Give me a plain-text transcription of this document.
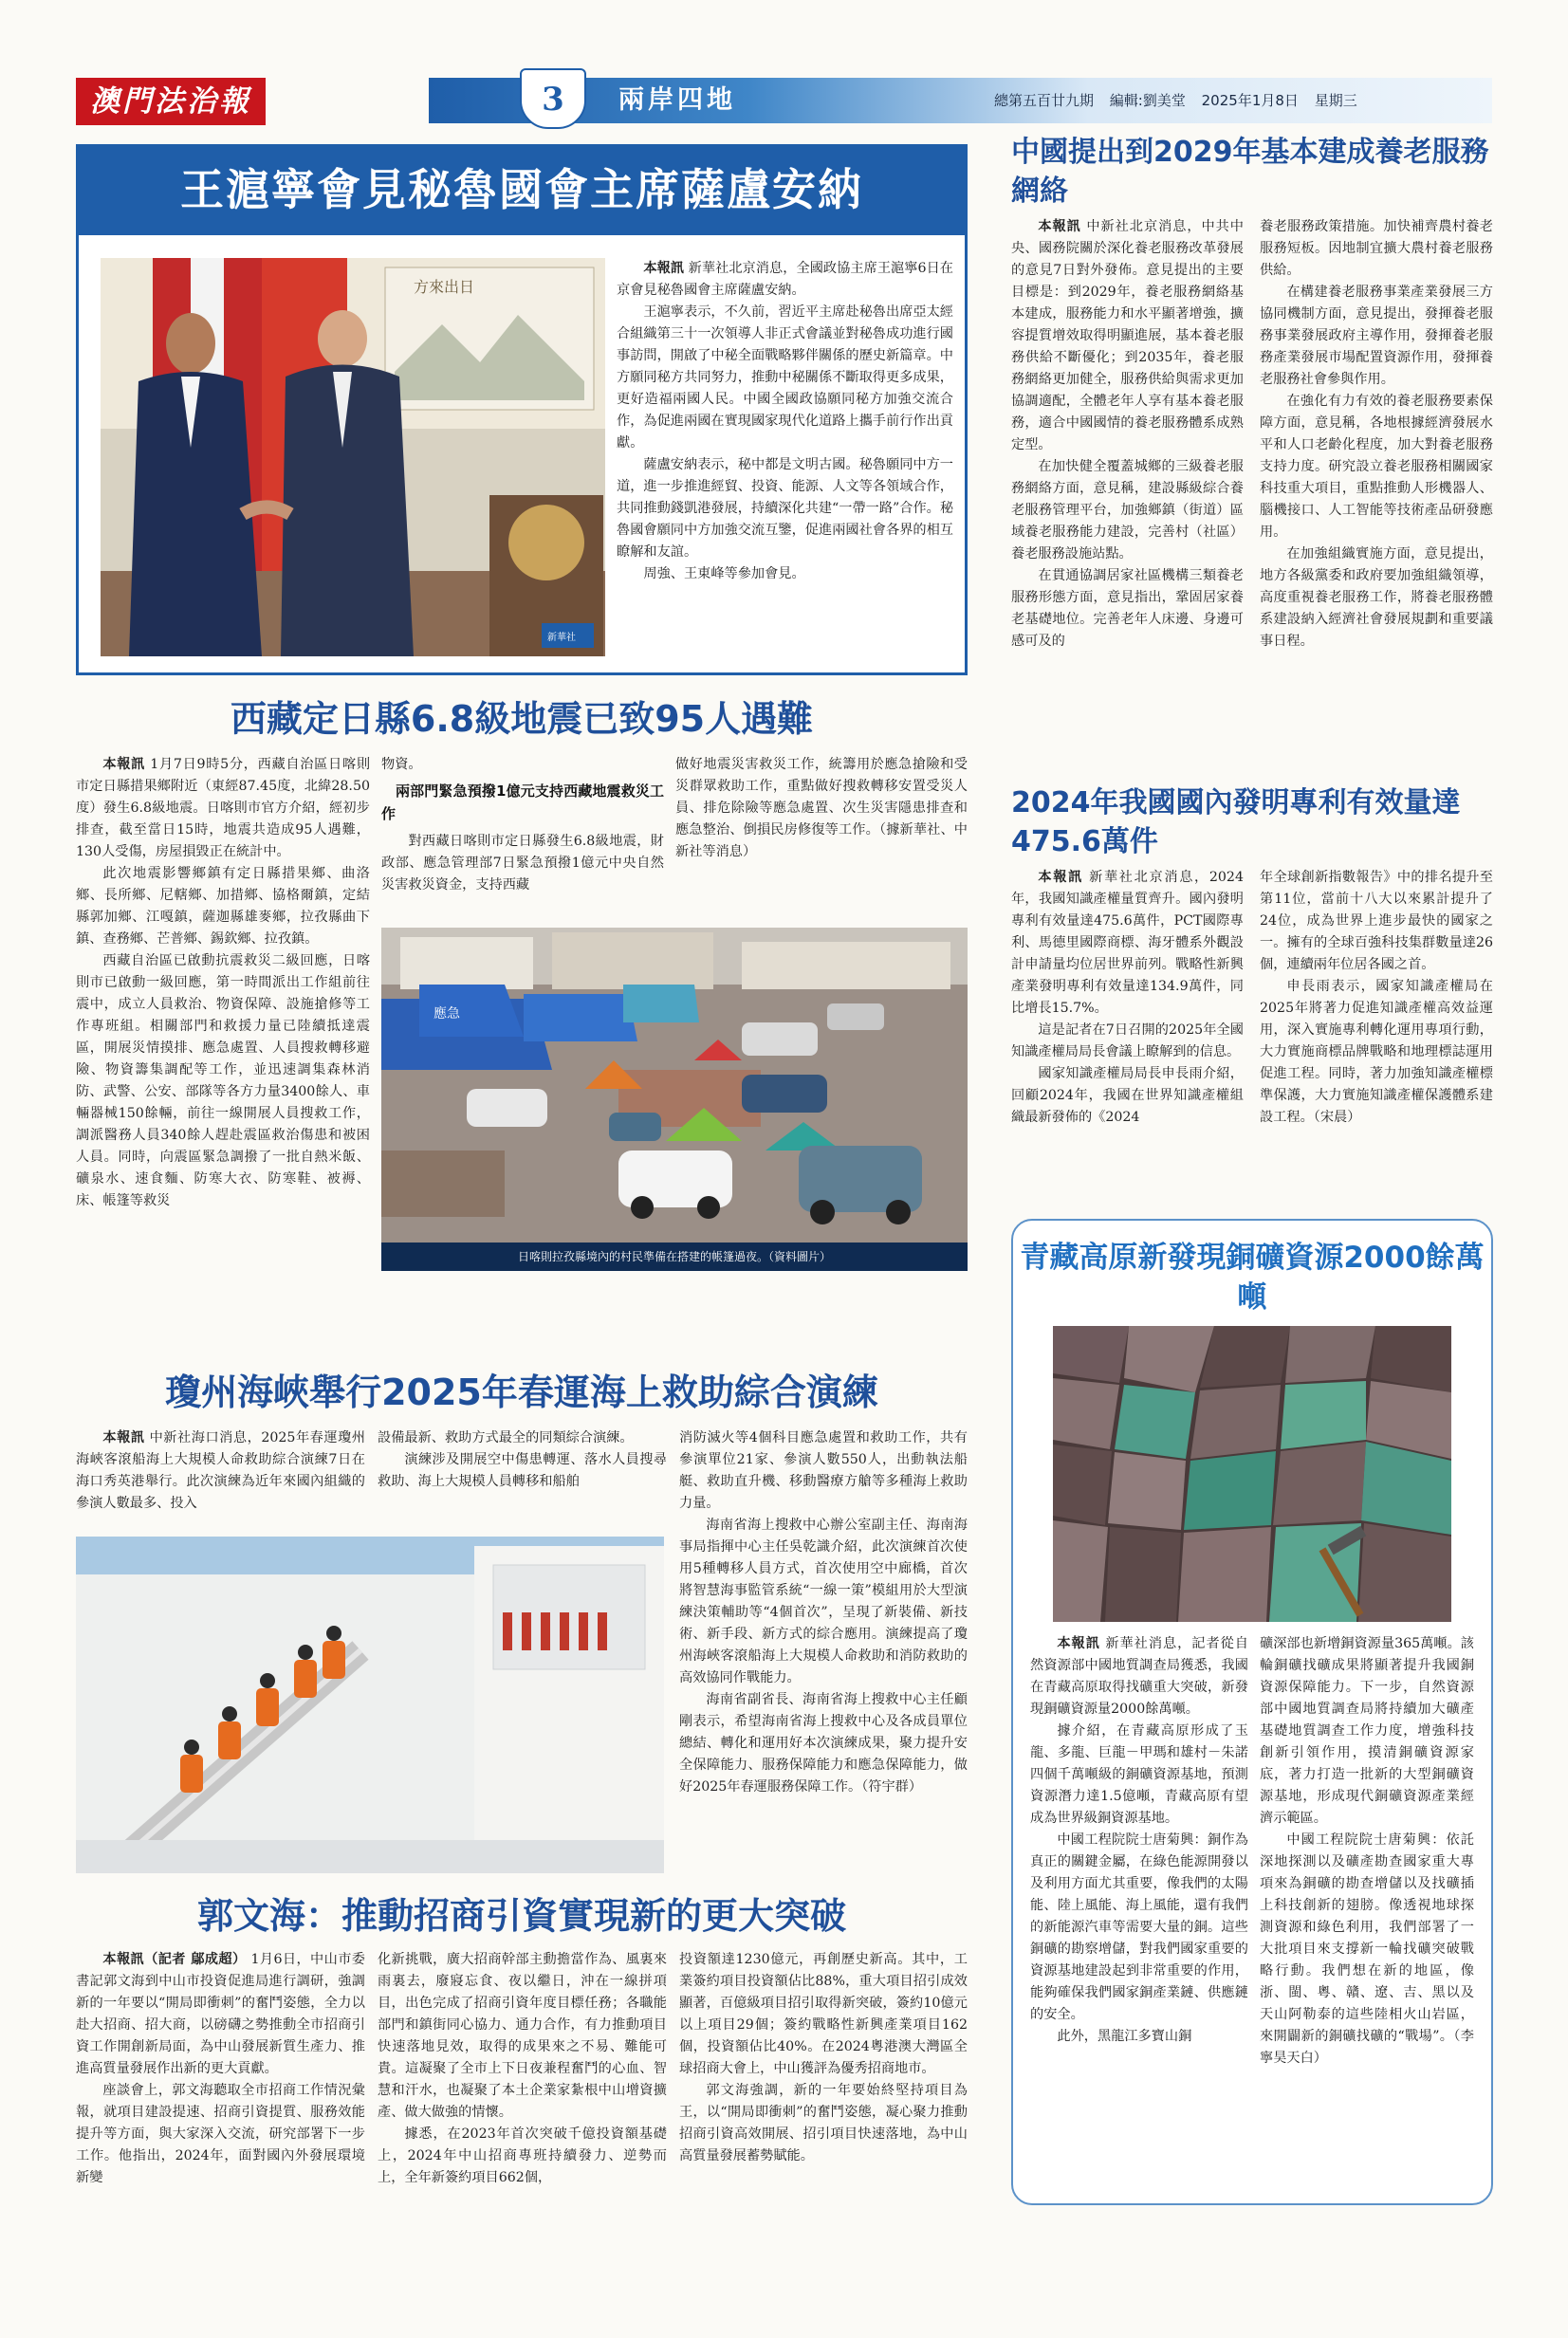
澳門法治報	3	兩岸四地	總第五百廿九期 編輯:劉美堂 2025年1月8日 星期三
王滬寧會見秘魯國會主席薩盧安納
方來出日
新華社

本報訊 新華社北京消息，全國政協主席王滬寧6日在京會見秘魯國會主席薩盧安納。

王滬寧表示，不久前，習近平主席赴秘魯出席亞太經合組織第三十一次領導人非正式會議並對秘魯成功進行國事訪問，開啟了中秘全面戰略夥伴關係的歷史新篇章。中方願同秘方共同努力，推動中秘關係不斷取得更多成果，更好造福兩國人民。中國全國政協願同秘方加強交流合作，為促進兩國在實現國家現代化道路上攜手前行作出貢獻。

薩盧安納表示，秘中都是文明古國。秘魯願同中方一道，進一步推進經貿、投資、能源、人文等各領域合作，共同推動錢凱港發展，持續深化共建“一帶一路”合作。秘魯國會願同中方加強交流互鑒，促進兩國社會各界的相互瞭解和友誼。

周強、王東峰等參加會見。

西藏定日縣6.8級地震已致95人遇難

本報訊 1月7日9時5分，西藏自治區日喀則市定日縣措果鄉附近（東經87.45度，北緯28.50度）發生6.8級地震。日喀則市官方介紹，經初步排查，截至當日15時，地震共造成95人遇難，130人受傷，房屋損毀正在統計中。

此次地震影響鄉鎮有定日縣措果鄉、曲洛鄉、長所鄉、尼轄鄉、加措鄉、協格爾鎮，定結縣郭加鄉、江嘎鎮，薩迦縣雄麥鄉，拉孜縣曲下鎮、查務鄉、芒普鄉、錫欽鄉、拉孜鎮。

西藏自治區已啟動抗震救災二級回應，日喀則市已啟動一級回應，第一時間派出工作組前往震中，成立人員救治、物資保障、設施搶修等工作專班組。相關部門和救援力量已陸續抵達震區，開展災情摸排、應急處置、人員搜救轉移避險、物資籌集調配等工作，並迅速調集森林消防、武警、公安、部隊等各方力量3400餘人、車輛器械150餘輛，前往一線開展人員搜救工作，調派醫務人員340餘人趕赴震區救治傷患和被困人員。同時，向震區緊急調撥了一批自熱米飯、礦泉水、速食麵、防寒大衣、防寒鞋、被褥、床、帳篷等救災

物資。

兩部門緊急預撥1億元支持西藏地震救災工作

對西藏日喀則市定日縣發生6.8級地震，財政部、應急管理部7日緊急預撥1億元中央自然災害救災資金，支持西藏

做好地震災害救災工作，統籌用於應急搶險和受災群眾救助工作，重點做好搜救轉移安置受災人員、排危除險等應急處置、次生災害隱患排查和應急整治、倒損民房修復等工作。（據新華社、中新社等消息）

應急
日喀則拉孜縣境內的村民準備在搭建的帳篷過夜。（資料圖片）
瓊州海峽舉行2025年春運海上救助綜合演練

本報訊 中新社海口消息，2025年春運瓊州海峽客滾船海上大規模人命救助綜合演練7日在海口秀英港舉行。此次演練為近年來國內組織的參演人數最多、投入

設備最新、救助方式最全的同類綜合演練。

演練涉及開展空中傷患轉運、落水人員搜尋救助、海上大規模人員轉移和船舶

消防滅火等4個科目應急處置和救助工作，共有參演單位21家、參演人數550人，出動執法船艇、救助直升機、移動醫療方艙等多種海上救助力量。

海南省海上搜救中心辦公室副主任、海南海事局指揮中心主任吳乾識介紹，此次演練首次使用5種轉移人員方式，首次使用空中廊橋，首次將智慧海事監管系統“一線一策”模組用於大型演練決策輔助等“4個首次”，呈現了新裝備、新技術、新手段、新方式的綜合應用。演練提高了瓊州海峽客滾船海上大規模人命救助和消防救助的高效協同作戰能力。

海南省副省長、海南省海上搜救中心主任顧剛表示，希望海南省海上搜救中心及各成員單位總結、轉化和運用好本次演練成果，聚力提升安全保障能力、服務保障能力和應急保障能力，做好2025年春運服務保障工作。（符宇群）

郭文海：推動招商引資實現新的更大突破

本報訊（記者 鄔成超） 1月6日，中山市委書記郭文海到中山市投資促進局進行調研，強調新的一年要以“開局即衝刺”的奮鬥姿態，全力以赴大招商、招大商，以磅礴之勢推動全市招商引資工作開創新局面，為中山發展新質生產力、推進高質量發展作出新的更大貢獻。

座談會上，郭文海聽取全市招商工作情況彙報，就項目建設提速、招商引資提質、服務效能提升等方面，與大家深入交流，研究部署下一步工作。他指出，2024年，面對國內外發展環境新變

化新挑戰，廣大招商幹部主動擔當作為、風裏來雨裏去，廢寢忘食、夜以繼日，沖在一線拼項目，出色完成了招商引資年度目標任務；各職能部門和鎮街同心協力、通力合作，有力推動項目快速落地見效，取得的成果來之不易、難能可貴。這凝聚了全市上下日夜兼程奮鬥的心血、智慧和汗水，也凝聚了本土企業家紮根中山增資擴產、做大做強的情懷。

據悉，在2023年首次突破千億投資額基礎上，2024年中山招商專班持續發力、逆勢而上，全年新簽約項目662個，

投資額達1230億元，再創歷史新高。其中，工業簽約項目投資額佔比88%，重大項目招引成效顯著，百億級項目招引取得新突破，簽約10億元以上項目29個；簽約戰略性新興產業項目162個，投資額佔比40%。在2024粵港澳大灣區全球招商大會上，中山獲評為優秀招商地市。

郭文海強調，新的一年要始終堅持項目為王，以“開局即衝刺”的奮鬥姿態，凝心聚力推動招商引資高效開展、招引項目快速落地，為中山高質量發展蓄勢賦能。

中國提出到2029年基本建成養老服務網絡

本報訊 中新社北京消息，中共中央、國務院關於深化養老服務改革發展的意見7日對外發佈。意見提出的主要目標是：到2029年，養老服務網絡基本建成，服務能力和水平顯著增強，擴容提質增效取得明顯進展，基本養老服務供給不斷優化；到2035年，養老服務網絡更加健全，服務供給與需求更加協調適配，全體老年人享有基本養老服務，適合中國國情的養老服務體系成熟定型。

在加快健全覆蓋城鄉的三級養老服務網絡方面，意見稱，建設縣級綜合養老服務管理平台，加強鄉鎮（街道）區域養老服務能力建設，完善村（社區）養老服務設施站點。

在貫通協調居家社區機構三類養老服務形態方面，意見指出，鞏固居家養老基礎地位。完善老年人床邊、身邊可感可及的

養老服務政策措施。加快補齊農村養老服務短板。因地制宜擴大農村養老服務供給。

在構建養老服務事業產業發展三方協同機制方面，意見提出，發揮養老服務事業發展政府主導作用，發揮養老服務產業發展市場配置資源作用，發揮養老服務社會參與作用。

在強化有力有效的養老服務要素保障方面，意見稱，各地根據經濟發展水平和人口老齡化程度，加大對養老服務支持力度。研究設立養老服務相關國家科技重大項目，重點推動人形機器人、腦機接口、人工智能等技術產品研發應用。

在加強組織實施方面，意見提出，地方各級黨委和政府要加強組織領導，高度重視養老服務工作，將養老服務體系建設納入經濟社會發展規劃和重要議事日程。

2024年我國國內發明專利有效量達475.6萬件

本報訊 新華社北京消息，2024年，我國知識產權量質齊升。國內發明專利有效量達475.6萬件，PCT國際專利、馬德里國際商標、海牙體系外觀設計申請量均位居世界前列。戰略性新興產業發明專利有效量達134.9萬件，同比增長15.7%。

這是記者在7日召開的2025年全國知識產權局局長會議上瞭解到的信息。

國家知識產權局局長申長雨介紹，回顧2024年，我國在世界知識產權組織最新發佈的《2024

年全球創新指數報告》中的排名提升至第11位，當前十八大以來累計提升了24位，成為世界上進步最快的國家之一。擁有的全球百強科技集群數量達26個，連續兩年位居各國之首。

申長雨表示，國家知識產權局在2025年將著力促進知識產權高效益運用，深入實施專利轉化運用專項行動，大力實施商標品牌戰略和地理標誌運用促進工程。同時，著力加強知識產權標準保護，大力實施知識產權保護體系建設工程。（宋晨）

青藏高原新發現銅礦資源2000餘萬噸

本報訊 新華社消息，記者從自然資源部中國地質調查局獲悉，我國在青藏高原取得找礦重大突破，新發現銅礦資源量2000餘萬噸。

據介紹，在青藏高原形成了玉龍、多龍、巨龍－甲瑪和雄村－朱諾四個千萬噸級的銅礦資源基地，預測資源潛力達1.5億噸，青藏高原有望成為世界級銅資源基地。

中國工程院院士唐菊興：銅作為真正的關鍵金屬，在綠色能源開發以及利用方面尤其重要，像我們的太陽能、陸上風能、海上風能，還有我們的新能源汽車等需要大量的銅。這些銅礦的勘察增儲，對我們國家重要的資源基地建設起到非常重要的作用，能夠確保我們國家銅產業鏈、供應鏈的安全。

此外，黑龍江多寶山銅

礦深部也新增銅資源量365萬噸。該輪銅礦找礦成果將顯著提升我國銅資源保障能力。下一步，自然資源部中國地質調查局將持續加大礦產基礎地質調查工作力度，增強科技創新引領作用，摸清銅礦資源家底，著力打造一批新的大型銅礦資源基地，形成現代銅礦資源產業經濟示範區。

中國工程院院士唐菊興：依託深地探測以及礦產勘查國家重大專項來為銅礦的勘查增儲以及找礦插上科技創新的翅膀。像透視地球探測資源和綠色利用，我們部署了一大批項目來支撐新一輪找礦突破戰略行動。我們想在新的地區，像浙、閩、粵、贛、遼、吉、黑以及天山阿勒泰的這些陸相火山岩區，來開闢新的銅礦找礦的“戰場”。（李寧昊天白）
